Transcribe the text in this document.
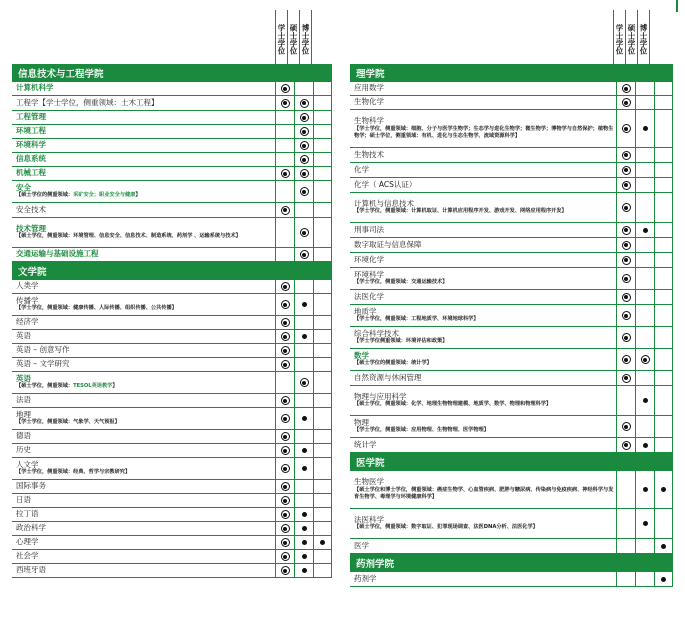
学士学位 硕士学位 博士学位
信息技术与工程学院
计算机科学
工程学【学士学位，侧重领域：土木工程】
工程管理
环境工程
环境科学
信息系统
机械工程
安全
【硕士学位的侧重领域：采矿安全；职业安全与健康】
安全技术
技术管理
【硕士学位，侧重领域：环境管理、信息安全、信息技术、制造系统、药剂学 、运输系统与技术】
交通运输与基础设施工程
文学院
人类学
传播学
【学士学位，侧重领域：健康传播、人际传播、组织传播、公共传播】
经济学
英语
英语 – 创意写作
英语 – 文学研究
英语
【硕士学位，侧重领域：TESOL英语教学】
法语
地理
【学士学位，侧重领域：气象学、天气预报】
德语
历史
人文学
【学士学位，侧重领域：经典、哲学与宗教研究】
国际事务
日语
拉丁语
政治科学
心理学
社会学
西班牙语
学士学位 硕士学位 博士学位
理学院
应用数学
生物化学
生物科学
【学士学位，侧重领域：细胞、分子与医学生物学；生态学与进化生物学；微生物学；博物学与自然保护；植物生物学；硕士学位，侧重领域：有机、进化与生态生物学、流域资源科学】
生物技术
化学
化学（ ACS认证）
计算机与信息技术
【学士学位，侧重领域：计算机取证、计算机应用程序开发、游戏开发、网络应用程序开发】
刑事司法
数字取证与信息保障
环境化学
环境科学
【学士学位，侧重领域：交通运输技术】
法医化学
地质学
【学士学位，侧重领域：工程地质学、环境地球科学】
综合科学技术
【学士学位侧重领域：环境评估和政策】
数学
【硕士学位的侧重领域：统计学】
自然资源与休闲管理
物理与应用科学
【硕士学位，侧重领域：化学、地理生物物理建模、地质学、数学、物理和物理科学】
物理
【学士学位，侧重领域：应用物理、生物物理、医学物理】
统计学
医学院
生物医学
【硕士学位和博士学位，侧重领域：癌症生物学、心血管疾病、肥胖与糖尿病、传染病与免疫疾病、神经科学与发育生物学、毒理学与环境健康科学】
法医科学
【硕士学位，侧重领域：数字取证、犯罪现场调查、法医DNA分析、法医化学】
医学
药剂学院
药剂学
